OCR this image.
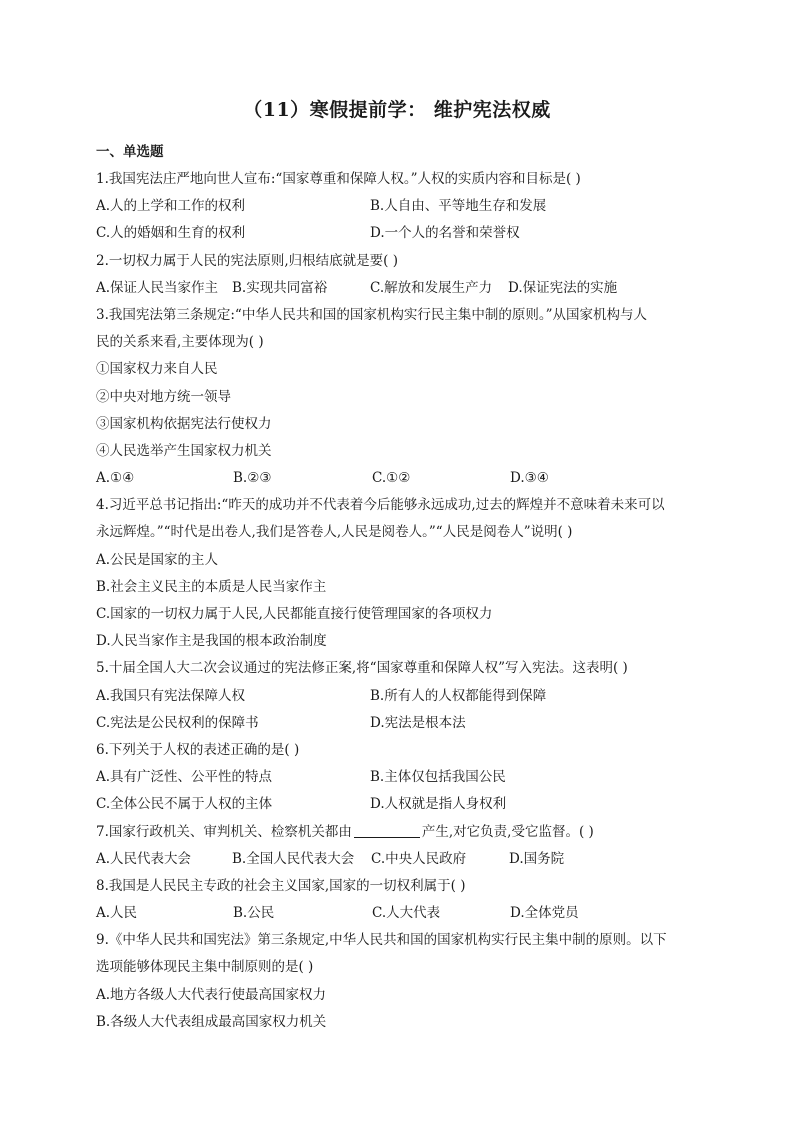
（11）寒假提前学： 维护宪法权威
一、单选题
1.我国宪法庄严地向世人宣布:“国家尊重和保障人权。”人权的实质内容和目标是( )
A.人的上学和工作的权利	B.人自由、平等地生存和发展
C.人的婚姻和生育的权利	D.一个人的名誉和荣誉权
2.一切权力属于人民的宪法原则,归根结底就是要( )
A.保证人民当家作主	B.实现共同富裕	C.解放和发展生产力	D.保证宪法的实施
3.我国宪法第三条规定:“中华人民共和国的国家机构实行民主集中制的原则。”从国家机构与人
民的关系来看,主要体现为( )
①国家权力来自人民
②中央对地方统一领导
③国家机构依据宪法行使权力
④人民选举产生国家权力机关
A.①④	B.②③	C.①②	D.③④
4.习近平总书记指出:“昨天的成功并不代表着今后能够永远成功,过去的辉煌并不意味着未来可以
永远辉煌。”“时代是出卷人,我们是答卷人,人民是阅卷人。”“人民是阅卷人”说明( )
A.公民是国家的主人
B.社会主义民主的本质是人民当家作主
C.国家的一切权力属于人民,人民都能直接行使管理国家的各项权力
D.人民当家作主是我国的根本政治制度
5.十届全国人大二次会议通过的宪法修正案,将“国家尊重和保障人权”写入宪法。这表明( )
A.我国只有宪法保障人权	B.所有人的人权都能得到保障
C.宪法是公民权利的保障书	D.宪法是根本法
6.下列关于人权的表述正确的是( )
A.具有广泛性、公平性的特点	B.主体仅包括我国公民
C.全体公民不属于人权的主体	D.人权就是指人身权利
7.国家行政机关、审判机关、检察机关都由	产生,对它负责,受它监督。( )
A.人民代表大会	B.全国人民代表大会	C.中央人民政府	D.国务院
8.我国是人民民主专政的社会主义国家,国家的一切权利属于( )
A.人民	B.公民	C.人大代表	D.全体党员
9.《中华人民共和国宪法》第三条规定,中华人民共和国的国家机构实行民主集中制的原则。以下
选项能够体现民主集中制原则的是( )
A.地方各级人大代表行使最高国家权力
B.各级人大代表组成最高国家权力机关
